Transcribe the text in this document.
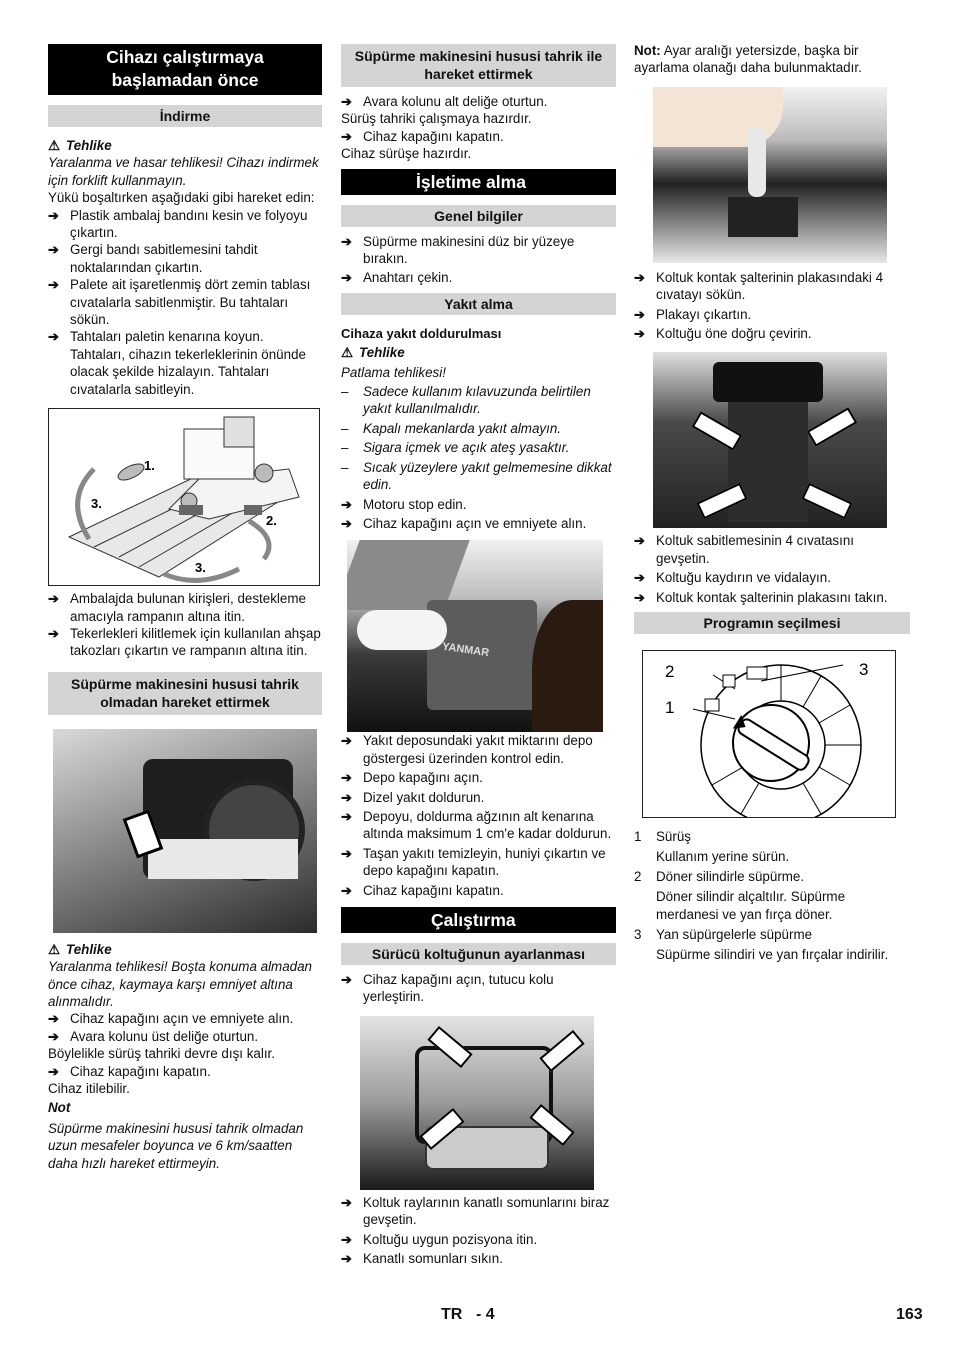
Cihazı çalıştırmaya başlamadan önce
İndirme

⚠ Tehlike

Yaralanma ve hasar tehlikesi! Cihazı indirmek için forklift kullanmayın.

Yükü boşaltırken aşağıdaki gibi hareket edin:

➔ Plastik ambalaj bandını kesin ve folyoyu çıkartın.
➔ Gergi bandı sabitlemesini tahdit noktalarından çıkartın.
➔ Palete ait işaretlenmiş dört zemin tablası cıvatalarla sabitlenmiştir. Bu tahtaları sökün.
➔ Tahtaları paletin kenarına koyun. Tahtaları, cihazın tekerleklerinin önünde olacak şekilde hizalayın. Tahtaları cıvatalarla sabitleyin.
1.
2.
3.
3.
➔ Ambalajda bulunan kirişleri, destekleme amacıyla rampanın altına itin.
➔ Tekerlekleri kilitlemek için kullanılan ahşap takozları çıkartın ve rampanın altına itin.
Süpürme makinesini hususi tahrik olmadan hareket ettirmek

⚠ Tehlike

Yaralanma tehlikesi! Boşta konuma almadan önce cihaz, kaymaya karşı emniyet altına alınmalıdır.

➔ Cihaz kapağını açın ve emniyete alın.
➔ Avara kolunu üst deliğe oturtun.

Böylelikle sürüş tahriki devre dışı kalır.

➔ Cihaz kapağını kapatın.

Cihaz itilebilir.

Not

Süpürme makinesini hususi tahrik olmadan uzun mesafeler boyunca ve 6 km/saatten daha hızlı hareket ettirmeyin.

Süpürme makinesini hususi tahrik ile hareket ettirmek
➔ Avara kolunu alt deliğe oturtun.

Sürüş tahriki çalışmaya hazırdır.

➔ Cihaz kapağını kapatın.

Cihaz sürüşe hazırdır.

İşletime alma
Genel bilgiler
➔ Süpürme makinesini düz bir yüzeye bırakın.
➔ Anahtarı çekin.
Yakıt alma

Cihaza yakıt doldurulması

⚠ Tehlike

Patlama tehlikesi!

– Sadece kullanım kılavuzunda belirtilen yakıt kullanılmalıdır.
– Kapalı mekanlarda yakıt almayın.
– Sigara içmek ve açık ateş yasaktır.
– Sıcak yüzeylere yakıt gelmemesine dikkat edin.
➔ Motoru stop edin.
➔ Cihaz kapağını açın ve emniyete alın.
YANMAR
➔ Yakıt deposundaki yakıt miktarını depo göstergesi üzerinden kontrol edin.
➔ Depo kapağını açın.
➔ Dizel yakıt doldurun.
➔ Depoyu, doldurma ağzının alt kenarına altında maksimum 1 cm'e kadar doldurun.
➔ Taşan yakıtı temizleyin, huniyi çıkartın ve depo kapağını kapatın.
➔ Cihaz kapağını kapatın.
Çalıştırma
Sürücü koltuğunun ayarlanması
➔ Cihaz kapağını açın, tutucu kolu yerleştirin.
➔ Koltuk raylarının kanatlı somunlarını biraz gevşetin.
➔ Koltuğu uygun pozisyona itin.
➔ Kanatlı somunları sıkın.

Not: Ayar aralığı yetersizde, başka bir ayarlama olanağı daha bulunmaktadır.

➔ Koltuk kontak şalterinin plakasındaki 4 cıvatayı sökün.
➔ Plakayı çıkartın.
➔ Koltuğu öne doğru çevirin.
➔ Koltuk sabitlemesinin 4 cıvatasını gevşetin.
➔ Koltuğu kaydırın ve vidalayın.
➔ Koltuk kontak şalterinin plakasını takın.
Programın seçilmesi
2	3
1
1	Sürüş
Kullanım yerine sürün.
2	Döner silindirle süpürme.
Döner silindir alçaltılır. Süpürme merdanesi ve yan fırça döner.
3	Yan süpürgelerle süpürme
Süpürme silindiri ve yan fırçalar indirilir.
TR - 4	163
